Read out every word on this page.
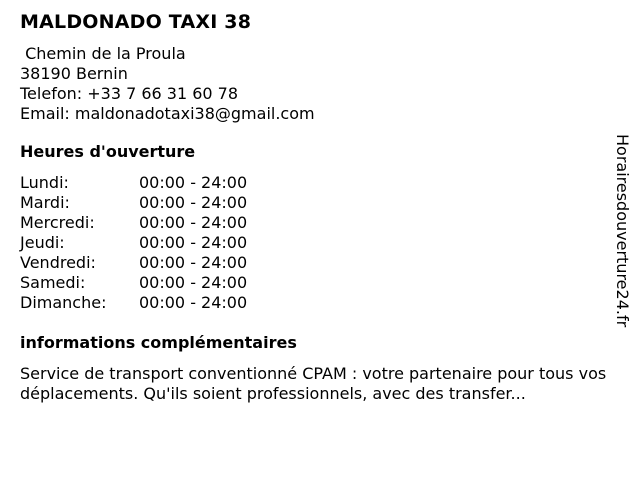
MALDONADO TAXI 38
Chemin de la Proula
38190 Bernin
Telefon: +33 7 66 31 60 78
Email: maldonadotaxi38@gmail.com
Heures d'ouverture
Lundi:	00:00 - 24:00
Mardi:	00:00 - 24:00
Mercredi:	00:00 - 24:00
Jeudi:	00:00 - 24:00
Vendredi:	00:00 - 24:00
Samedi:	00:00 - 24:00
Dimanche:	00:00 - 24:00
informations complémentaires
Service de transport conventionné CPAM : votre partenaire pour tous vos déplacements. Qu'ils soient professionnels, avec des transfer...
Horairesdouverture24.fr
